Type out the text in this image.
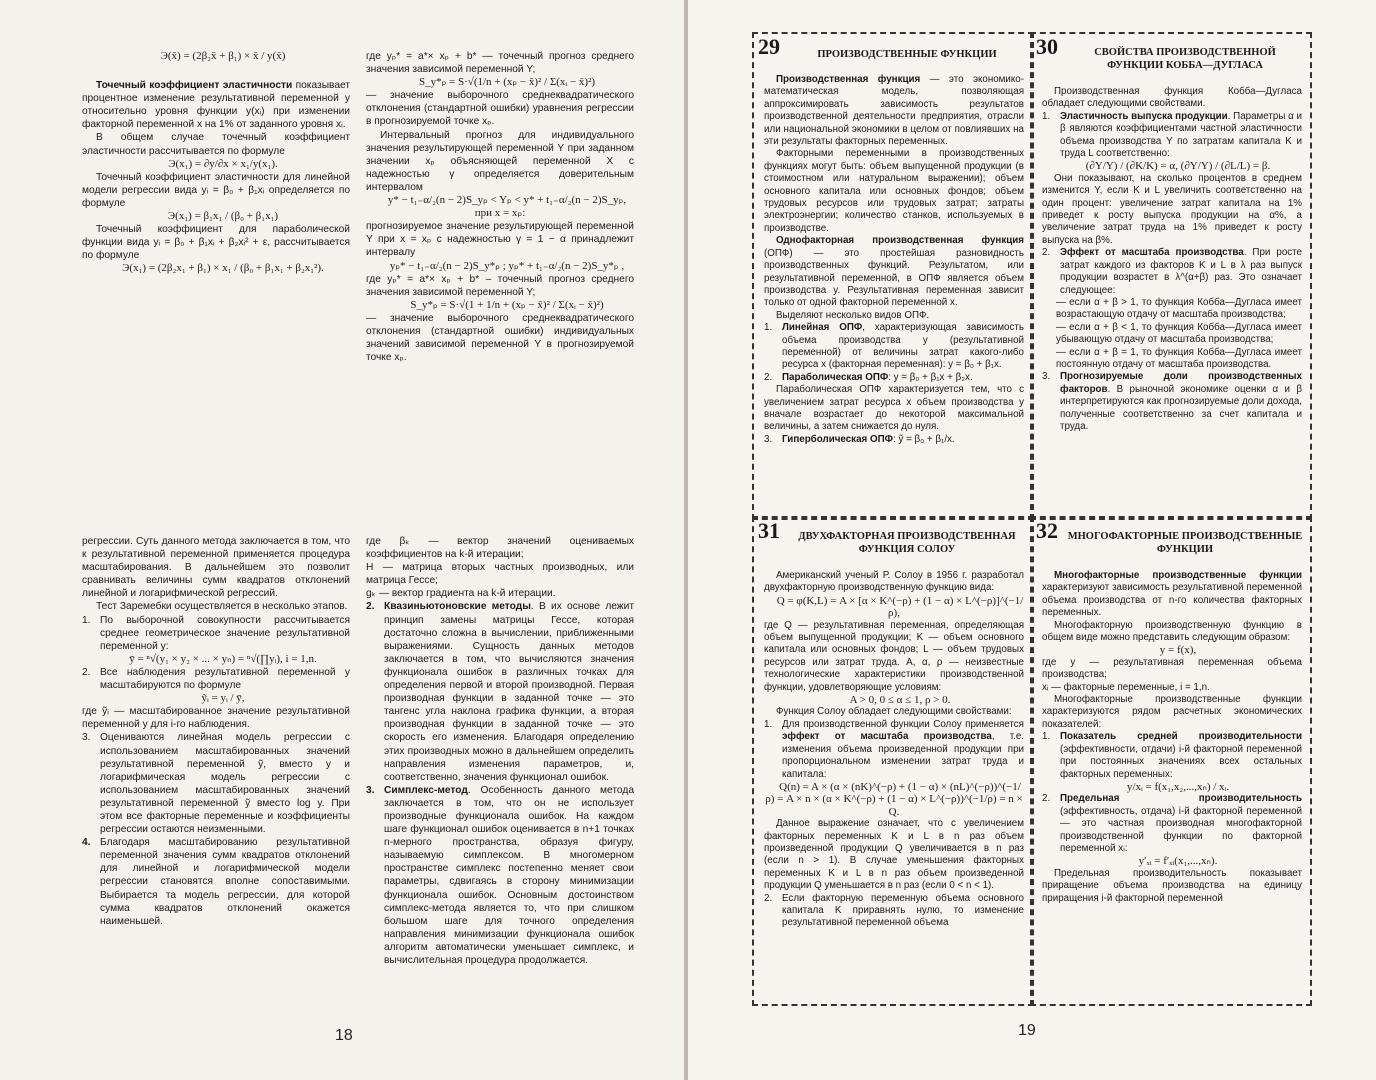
Э(x̄) = (2β₂x̄ + β₁) × x̄ / y(x̄)

Точечный коэффициент эластичности показывает процентное изменение результативной переменной у относительно уровня функции y(xᵢ) при изменении факторной переменной x на 1% от заданного уровня xᵢ.

В общем случае точечный коэффициент эластичности рассчитывается по формуле

Э(x₁) = ∂y/∂x × x₁/y(x₁).

Точечный коэффициент эластичности для линейной модели регрессии вида yᵢ = β₀ + β₁xᵢ определяется по формуле

Э(x₁) = β₁x₁ / (β₀ + β₁x₁)

Точечный коэффициент для параболической функции вида yᵢ = β₀ + β₁xᵢ + β₂xᵢ² + ε, рассчитывается по формуле

Э(x₁) = (2β₂x₁ + β₁) × x₁ / (β₀ + β₁x₁ + β₂x₁²).

где yₚ* = a*× xₚ + b* — точечный прогноз среднего значения зависимой переменной Y;

S_y*ₚ = S·√(1/n + (xₚ − x̄)² / Σ(xᵢ − x̄)²)

— значение выборочного среднеквадратического отклонения (стандартной ошибки) уравнения регрессии в прогнозируемой точке xₚ.

Интервальный прогноз для индивидуального значения результирующей переменной Y при заданном значении xₚ объясняющей переменной X с надежностью γ определяется доверительным интервалом

y* − t₁₋α/₂(n − 2)S_yₚ < Yₚ < y* + t₁₋α/₂(n − 2)S_yₚ, при x = xₚ:

прогнозируемое значение результирующей переменной Y при x = xₚ с надежностью γ = 1 − α принадлежит интервалу

yₚ* − t₁₋α/₂(n − 2)S_y*ₚ ; yₚ* + t₁₋α/₂(n − 2)S_y*ₚ ,

где yₚ* = a*× xₚ + b* – точечный прогноз среднего значения зависимой переменной Y;

S_y*ₚ = S·√(1 + 1/n + (xₚ − x̄)² / Σ(xᵢ − x̄)²)

— значение выборочного среднеквадратического отклонения (стандартной ошибки) индивидуальных значений зависимой переменной Y в прогнозируемой точке xₚ.

регрессии. Суть данного метода заключается в том, что к результативной переменной применяется процедура масштабирования. В дальнейшем это позволит сравнивать величины сумм квадратов отклонений линейной и логарифмической регрессий.

Тест Заремебки осуществляется в несколько этапов.

1. По выборочной совокупности рассчитывается среднее геометрическое значение результативной переменной y:

ȳ = ⁿ√(y₁ × y₂ × ... × yₙ) = ⁿ√(∏yᵢ), i = 1,n.

2. Все наблюдения результативной переменной y масштабируются по формуле

ỹᵢ = yᵢ / ȳ,

где ỹᵢ — масштабированное значение результативной переменной y для i-го наблюдения.

3. Оцениваются линейная модель регрессии с использованием масштабированных значений результативной переменной ỹ, вместо y и логарифмическая модель регрессии с использованием масштабированных значений результативной переменной ỹ вместо log y. При этом все факторные переменные и коэффициенты регрессии остаются неизменными.
4. Благодаря масштабированию результативной переменной значения сумм квадратов отклонений для линейной и логарифмической модели регрессии становятся вполне сопоставимыми. Выбирается та модель регрессии, для которой сумма квадратов отклонений окажется наименьшей.

где βₖ — вектор значений оцениваемых коэффициентов на k-й итерации;

H — матрица вторых частных производных, или матрица Гессе;

gₖ — вектор градиента на k-й итерации.

2. Квазиньютоновские методы. В их основе лежит принцип замены матрицы Гессе, которая достаточно сложна в вычислении, приближенными выражениями. Сущность данных методов заключается в том, что вычисляются значения функционала ошибок в различных точках для определения первой и второй производной. Первая производная функции в заданной точке — это тангенс угла наклона графика функции, а вторая производная функции в заданной точке — это скорость его изменения. Благодаря определению этих производных можно в дальнейшем определить направления изменения параметров, и, соответственно, значения функционал ошибок.
3. Симплекс-метод. Особенность данного метода заключается в том, что он не использует производные функционала ошибок. На каждом шаге функционал ошибок оценивается в n+1 точках n-мерного пространства, образуя фигуру, называемую симплексом. В многомерном пространстве симплекс постепенно меняет свои параметры, сдвигаясь в сторону минимизации функционала ошибок. Основным достоинством симплекс-метода является то, что при слишком большом шаге для точного определения направления минимизации функционала ошибок алгоритм автоматически уменьшает симплекс, и вычислительная процедура продолжается.
18
29	ПРОИЗВОДСТВЕННЫЕ ФУНКЦИИ

Производственная функция — это экономико-математическая модель, позволяющая аппроксимировать зависимость результатов производственной деятельности предприятия, отрасли или национальной экономики в целом от повлиявших на эти результаты факторных переменных.

Факторными переменными в производственных функциях могут быть: объем выпущенной продукции (в стоимостном или натуральном выражении); объем основного капитала или основных фондов; объем трудовых ресурсов или трудовых затрат; затраты электроэнергии; количество станков, используемых в производстве.

Однофакторная производственная функция (ОПФ) — это простейшая разновидность производственных функций. Результатом, или результативной переменной, в ОПФ является объем производства y. Результативная переменная зависит только от одной факторной переменной x.

Выделяют несколько видов ОПФ.

1.	Линейная ОПФ, характеризующая зависимость объема производства y (результативной переменной) от величины затрат какого-либо ресурса x (факторная переменная): y = β₀ + β₁x.
2.	Параболическая ОПФ: y = β₀ + β₁x + β₂x.

Параболическая ОПФ характеризуется тем, что с увеличением затрат ресурса x объем производства y вначале возрастает до некоторой максимальной величины, а затем снижается до нуля.

3.	Гиперболическая ОПФ: ỹ = β₀ + β₁/x.
30	СВОЙСТВА ПРОИЗВОДСТВЕННОЙ ФУНКЦИИ КОББА—ДУГЛАСА

Производственная функция Кобба—Дугласа обладает следующими свойствами.

1.	Эластичность выпуска продукции. Параметры α и β являются коэффициентами частной эластичности объема производства Y по затратам капитала K и труда L соответственно:

(∂Y/Y) / (∂K/K) = α, (∂Y/Y) / (∂L/L) = β.

Они показывают, на сколько процентов в среднем изменится Y, если K и L увеличить соответственно на один процент: увеличение затрат капитала на 1% приведет к росту выпуска продукции на α%, а увеличение затрат труда на 1% приведет к росту выпуска на β%.

2.	Эффект от масштаба производства. При росте затрат каждого из факторов K и L в λ раз выпуск продукции возрастет в λ^(α+β) раз. Это означает следующее:

— если α + β > 1, то функция Кобба—Дугласа имеет возрастающую отдачу от масштаба производства;

— если α + β < 1, то функция Кобба—Дугласа имеет убывающую отдачу от масштаба производства;

— если α + β = 1, то функция Кобба—Дугласа имеет постоянную отдачу от масштаба производства.

3.	Прогнозируемые доли производственных факторов. В рыночной экономике оценки α и β интерпретируются как прогнозируемые доли дохода, полученные соответственно за счет капитала и труда.
31	ДВУХФАКТОРНАЯ ПРОИЗВОДСТВЕННАЯ ФУНКЦИЯ СОЛОУ

Американский ученый Р. Солоу в 1956 г. разработал двухфакторную производственную функцию вида:

Q = φ(K,L) = A × [α × K^(−ρ) + (1 − α) × L^(−ρ)]^(−1/ρ),

где Q — результативная переменная, определяющая объем выпущенной продукции; K — объем основного капитала или основных фондов; L — объем трудовых ресурсов или затрат труда. A, α, ρ — неизвестные технологические характеристики производственной функции, удовлетворяющие условиям:

A > 0, 0 ≤ α ≤ 1, ρ > 0.

Функция Солоу обладает следующими свойствами:

1.	Для производственной функции Солоу применяется эффект от масштаба производства, т.е. изменения объема произведенной продукции при пропорциональном изменении затрат труда и капитала:

Q(n) = A × (α × (nK)^(−ρ) + (1 − α) × (nL)^(−ρ))^(−1/ρ) = A × n × (α × K^(−ρ) + (1 − α) × L^(−ρ))^(−1/ρ) = n × Q.

Данное выражение означает, что с увеличением факторных переменных K и L в n раз объем произведенной продукции Q увеличивается в n раз (если n > 1). В случае уменьшения факторных переменных K и L в n раз объем произведенной продукции Q уменьшается в n раз (если 0 < n < 1).

2.	Если факторную переменную объема основного капитала K приравнять нулю, то изменение результативной переменной объема
32 МНОГОФАКТОРНЫЕ ПРОИЗВОДСТВЕННЫЕ ФУНКЦИИ

Многофакторные производственные функции характеризуют зависимость результативной переменной объема производства от n-го количества факторных переменных.

Многофакторную производственную функцию в общем виде можно представить следующим образом:

y = f(x),

где y — результативная переменная объема производства;

xᵢ — факторные переменные, i = 1,n.

Многофакторные производственные функции характеризуются рядом расчетных экономических показателей:

1.	Показатель средней производительности (эффективности, отдачи) i-й факторной переменной при постоянных значениях всех остальных факторных переменных:

y/xᵢ = f(x₁,x₂,...,xₙ) / xᵢ.

2.	Предельная производительность (эффективность, отдача) i-й факторной переменной — это частная производная многофакторной производственной функции по факторной переменной xᵢ:

y′ₓᵢ = f′ₓᵢ(x₁,...,xₙ).

Предельная производительность показывает приращение объема производства на единицу приращения i-й факторной переменной

19
